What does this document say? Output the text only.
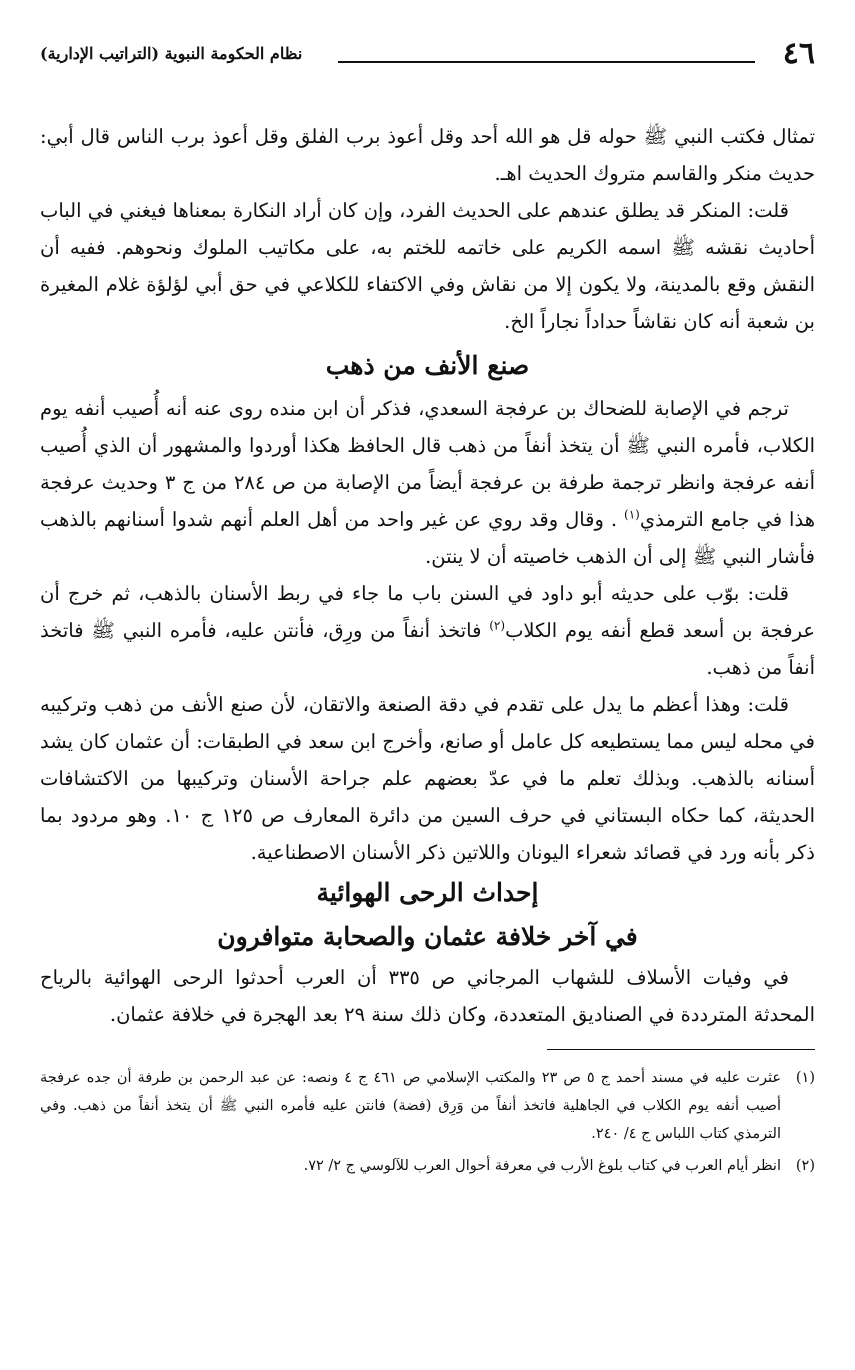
٤٦
نظام الحكومة النبوية (التراتيب الإدارية)

تمثال فكتب النبي ﷺ حوله قل هو الله أحد وقل أعوذ برب الفلق وقل أعوذ برب الناس قال أبي: حديث منكر والقاسم متروك الحديث اهـ.

قلت: المنكر قد يطلق عندهم على الحديث الفرد، وإن كان أراد النكارة بمعناها فيغني في الباب أحاديث نقشه ﷺ اسمه الكريم على خاتمه للختم به، على مكاتيب الملوك ونحوهم. ففيه أن النقش وقع بالمدينة، ولا يكون إلا من نقاش وفي الاكتفاء للكلاعي في حق أبي لؤلؤة غلام المغيرة بن شعبة أنه كان نقاشاً حداداً نجاراً الخ.

صنع الأنف من ذهب

ترجم في الإصابة للضحاك بن عرفجة السعدي، فذكر أن ابن منده روى عنه أنه أُصيب أنفه يوم الكلاب، فأمره النبي ﷺ أن يتخذ أنفاً من ذهب قال الحافظ هكذا أوردوا والمشهور أن الذي أُصيب أنفه عرفجة وانظر ترجمة طرفة بن عرفجة أيضاً من الإصابة من ص ٢٨٤ من ج ٣ وحديث عرفجة هذا في جامع الترمذي$^{(١)}$ . وقال وقد روي عن غير واحد من أهل العلم أنهم شدوا أسنانهم بالذهب فأشار النبي ﷺ إلى أن الذهب خاصيته أن لا ينتن.

قلت: بوّب على حديثه أبو داود في السنن باب ما جاء في ربط الأسنان بالذهب، ثم خرج أن عرفجة بن أسعد قطع أنفه يوم الكلاب$^{(٢)}$ فاتخذ أنفاً من ورِق، فأنتن عليه، فأمره النبي ﷺ فاتخذ أنفاً من ذهب.

قلت: وهذا أعظم ما يدل على تقدم في دقة الصنعة والاتقان، لأن صنع الأنف من ذهب وتركيبه في محله ليس مما يستطيعه كل عامل أو صانع، وأخرج ابن سعد في الطبقات: أن عثمان كان يشد أسنانه بالذهب. وبذلك تعلم ما في عدّ بعضهم علم جراحة الأسنان وتركيبها من الاكتشافات الحديثة، كما حكاه البستاني في حرف السين من دائرة المعارف ص ١٢٥ ج ١٠. وهو مردود بما ذكر بأنه ورد في قصائد شعراء اليونان واللاتين ذكر الأسنان الاصطناعية.

إحداث الرحى الهوائية
في آخر خلافة عثمان والصحابة متوافرون

في وفيات الأسلاف للشهاب المرجاني ص ٣٣٥ أن العرب أحدثوا الرحى الهوائية بالرياح المحدثة المترددة في الصناديق المتعددة، وكان ذلك سنة ٢٩ بعد الهجرة في خلافة عثمان.

(١)
عثرت عليه في مسند أحمد ج ٥ ص ٢٣ والمكتب الإسلامي ص ٤٦١ ج ٤ ونصه: عن عبد الرحمن بن طرفة أن جده عرفجة أصيب أنفه يوم الكلاب في الجاهلية فاتخذ أنفاً من وَرِق (فضة) فانتن عليه فأمره النبي ﷺ أن يتخذ أنفاً من ذهب. وفي الترمذي كتاب اللباس ج ٤/ ٢٤٠.
(٢)
انظر أيام العرب في كتاب بلوغ الأرب في معرفة أحوال العرب للآلوسي ج ٢/ ٧٢.
